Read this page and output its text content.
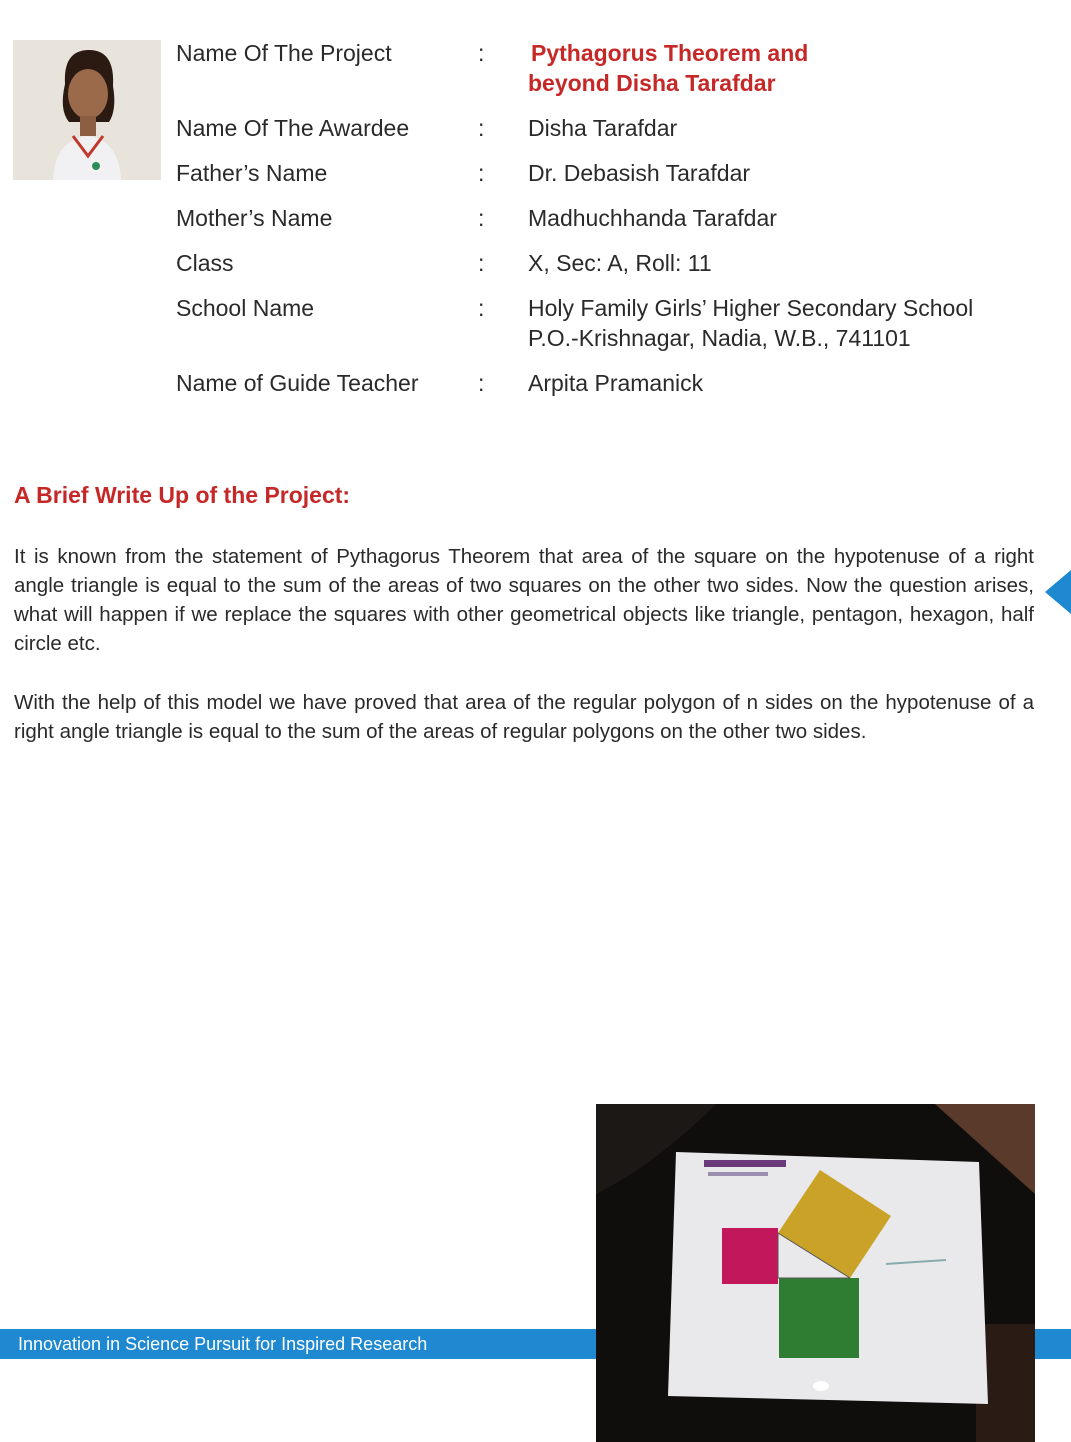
Name Of The Project	:	Pythagorus Theorem and
beyond Disha Tarafdar
Name Of The Awardee	:	Disha Tarafdar
Father’s Name	:	Dr. Debasish Tarafdar
Mother’s Name	:	Madhuchhanda Tarafdar
Class	:	X, Sec: A, Roll: 11
School Name	:	Holy Family Girls’ Higher Secondary School
P.O.-Krishnagar, Nadia, W.B., 741101
Name of Guide Teacher	:	Arpita Pramanick
A Brief Write Up of the Project:
It is known from the statement of Pythagorus Theorem that area of the square on the hypotenuse of a right angle triangle is equal to the sum of the areas of two squares on the other two sides. Now the question arises, what will happen if we replace the squares with other geometrical objects like triangle, pentagon, hexagon, half circle etc.
With the help of this model we have proved that area of the regular polygon of n sides on the hypotenuse of a right angle triangle is equal to the sum of the areas of regular polygons on the other two sides.
Innovation in Science Pursuit for Inspired Research
